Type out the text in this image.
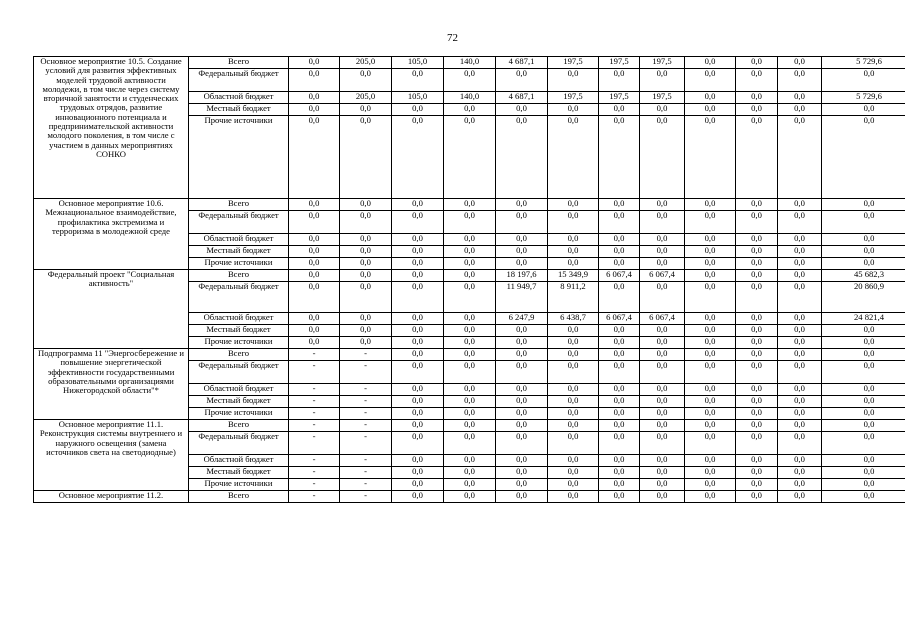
72
Основное мероприятие 10.5. Создание условий для развития эффективных моделей трудовой активности молодежи, в том числе через систему вторичной занятости и студенческих трудовых отрядов, развитие инновационного потенциала и предпринимательской активности молодого поколения, в том числе с участием в данных мероприятиях СОНКО	Всего	0,0	205,0	105,0	140,0	4 687,1	197,5	197,5	197,5	0,0	0,0	0,0	5 729,6
	Федеральный бюджет	0,0	0,0	0,0	0,0	0,0	0,0	0,0	0,0	0,0	0,0	0,0	0,0
	Областной бюджет	0,0	205,0	105,0	140,0	4 687,1	197,5	197,5	197,5	0,0	0,0	0,0	5 729,6
	Местный бюджет	0,0	0,0	0,0	0,0	0,0	0,0	0,0	0,0	0,0	0,0	0,0	0,0
	Прочие источники	0,0	0,0	0,0	0,0	0,0	0,0	0,0	0,0	0,0	0,0	0,0	0,0
Основное мероприятие 10.6. Межнациональное взаимодействие, профилактика экстремизма и терроризма в молодежной среде	Всего	0,0	0,0	0,0	0,0	0,0	0,0	0,0	0,0	0,0	0,0	0,0	0,0
	Федеральный бюджет	0,0	0,0	0,0	0,0	0,0	0,0	0,0	0,0	0,0	0,0	0,0	0,0
	Областной бюджет	0,0	0,0	0,0	0,0	0,0	0,0	0,0	0,0	0,0	0,0	0,0	0,0
	Местный бюджет	0,0	0,0	0,0	0,0	0,0	0,0	0,0	0,0	0,0	0,0	0,0	0,0
	Прочие источники	0,0	0,0	0,0	0,0	0,0	0,0	0,0	0,0	0,0	0,0	0,0	0,0
Федеральный проект "Социальная активность"	Всего	0,0	0,0	0,0	0,0	18 197,6	15 349,9	6 067,4	6 067,4	0,0	0,0	0,0	45 682,3
	Федеральный бюджет	0,0	0,0	0,0	0,0	11 949,7	8 911,2	0,0	0,0	0,0	0,0	0,0	20 860,9
	Областной бюджет	0,0	0,0	0,0	0,0	6 247,9	6 438,7	6 067,4	6 067,4	0,0	0,0	0,0	24 821,4
	Местный бюджет	0,0	0,0	0,0	0,0	0,0	0,0	0,0	0,0	0,0	0,0	0,0	0,0
	Прочие источники	0,0	0,0	0,0	0,0	0,0	0,0	0,0	0,0	0,0	0,0	0,0	0,0
Подпрограмма 11 "Энергосбережение и повышение энергетической эффективности государственными образовательными организациями Нижегородской области"*	Всего	-	-	0,0	0,0	0,0	0,0	0,0	0,0	0,0	0,0	0,0	0,0
	Федеральный бюджет	-	-	0,0	0,0	0,0	0,0	0,0	0,0	0,0	0,0	0,0	0,0
	Областной бюджет	-	-	0,0	0,0	0,0	0,0	0,0	0,0	0,0	0,0	0,0	0,0
	Местный бюджет	-	-	0,0	0,0	0,0	0,0	0,0	0,0	0,0	0,0	0,0	0,0
	Прочие источники	-	-	0,0	0,0	0,0	0,0	0,0	0,0	0,0	0,0	0,0	0,0
Основное мероприятие 11.1. Реконструкция системы внутреннего и наружного освещения (замена источников света на светодиодные)	Всего	-	-	0,0	0,0	0,0	0,0	0,0	0,0	0,0	0,0	0,0	0,0
	Федеральный бюджет	-	-	0,0	0,0	0,0	0,0	0,0	0,0	0,0	0,0	0,0	0,0
	Областной бюджет	-	-	0,0	0,0	0,0	0,0	0,0	0,0	0,0	0,0	0,0	0,0
	Местный бюджет	-	-	0,0	0,0	0,0	0,0	0,0	0,0	0,0	0,0	0,0	0,0
	Прочие источники	-	-	0,0	0,0	0,0	0,0	0,0	0,0	0,0	0,0	0,0	0,0
Основное мероприятие 11.2.	Всего	-	-	0,0	0,0	0,0	0,0	0,0	0,0	0,0	0,0	0,0	0,0
